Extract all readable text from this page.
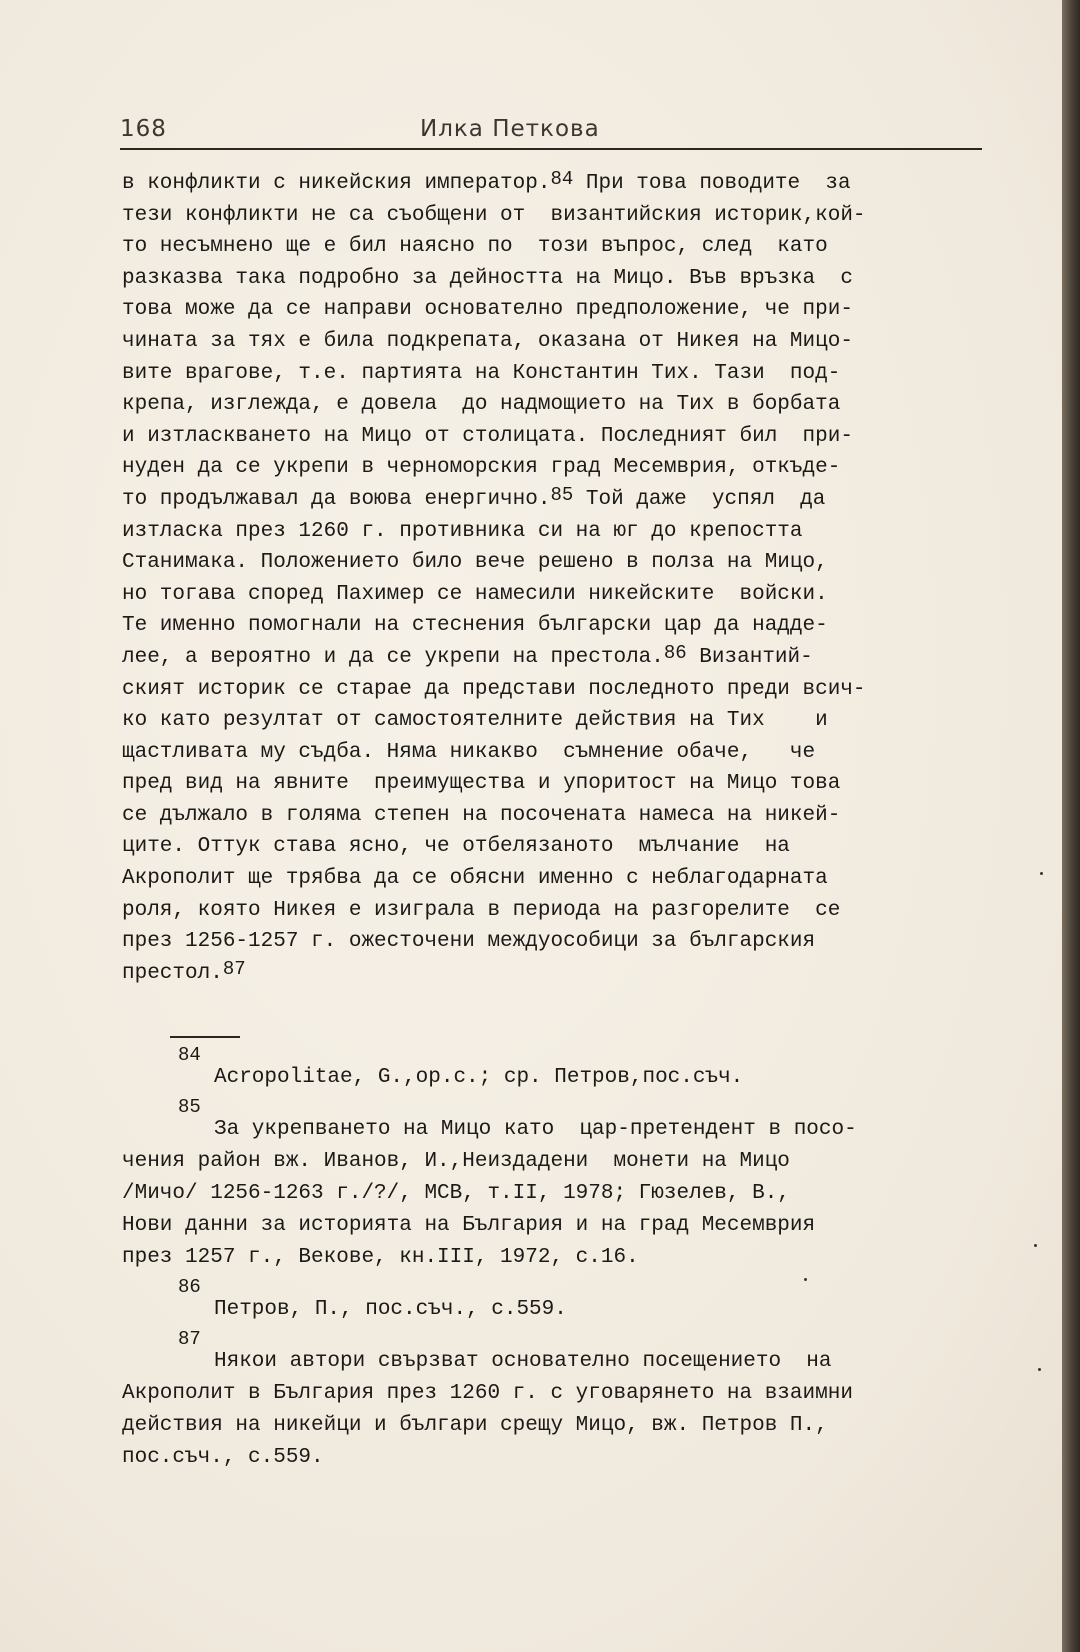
168	Илка Петкова
в конфликти с никейския император.$^{84}$ При това поводите  за
тези конфликти не са съобщени от  византийския историк,кой-
то несъмнено ще е бил наясно по  този въпрос, след  като
разказва така подробно за дейността на Мицо. Във връзка  с
това може да се направи основателно предположение, че при-
чината за тях е била подкрепата, оказана от Никея на Мицо-
вите врагове, т.е. партията на Константин Тих. Тази  под-
крепа, изглежда, е довела  до надмощието на Тих в борбата
и изтласкването на Мицо от столицата. Последният бил  при-
нуден да се укрепи в черноморския град Месемврия, откъде-
то продължавал да воюва енергично.$^{85}$ Той даже  успял  да
изтласка през 1260 г. противника си на юг до крепостта
Станимака. Положението било вече решено в полза на Мицо,
но тогава според Пахимер се намесили никейските  войски.
Те именно помогнали на стеснения български цар да надде-
лее, а вероятно и да се укрепи на престола.$^{86}$ Византий-
ският историк се старае да представи последното преди всич-
ко като резултат от самостоятелните действия на Тих    и
щастливата му съдба. Няма никакво  съмнение обаче,   че
пред вид на явните  преимущества и упоритост на Мицо това
се дължало в голяма степен на посочената намеса на никей-
ците. Оттук става ясно, че отбелязаното  мълчание  на
Акрополит ще трябва да се обясни именно с неблагодарната
роля, която Никея е изиграла в периода на разгорелите  се
през 1256-1257 г. ожесточени междуособици за българския
престол.$^{87}$
84
Acropolitae, G.,op.c.; ср. Петров,пос.съч.
85
За укрепването на Мицо като  цар-претендент в посо-
чения район вж. Иванов, И.,Неиздадени  монети на Мицо
/Мичо/ 1256-1263 г./?/, МСВ, т.II, 1978; Гюзелев, В.,
Нови данни за историята на България и на град Месемврия
през 1257 г., Векове, кн.III, 1972, с.16.
86
Петров, П., пос.съч., с.559.
87
Някои автори свързват основателно посещението  на
Акрополит в България през 1260 г. с уговарянето на взаимни
действия на никейци и българи срещу Мицо, вж. Петров П.,
пос.съч., с.559.
